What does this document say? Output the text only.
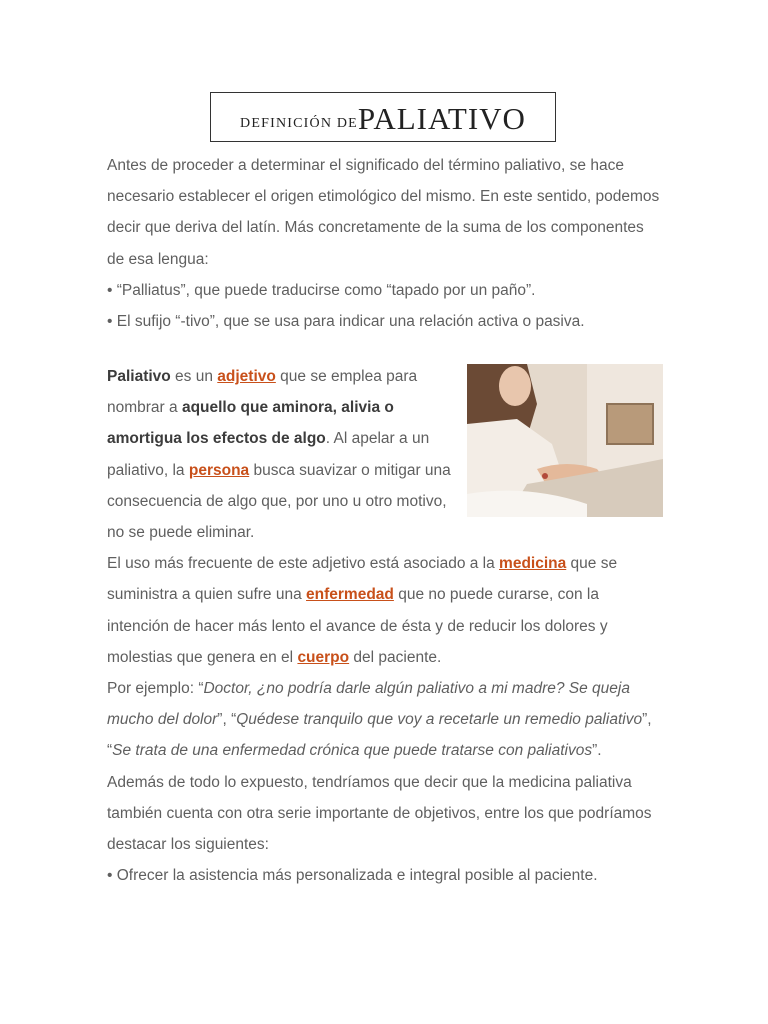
DEFINICIÓN DE PALIATIVO

Antes de proceder a determinar el significado del término paliativo, se hace necesario establecer el origen etimológico del mismo. En este sentido, podemos decir que deriva del latín. Más concretamente de la suma de los componentes de esa lengua:

• “Palliatus”, que puede traducirse como “tapado por un paño”.

• El sufijo “-tivo”, que se usa para indicar una relación activa o pasiva.

Paliativo es un adjetivo que se emplea para nombrar a aquello que aminora, alivia o amortigua los efectos de algo. Al apelar a un paliativo, la persona busca suavizar o mitigar una consecuencia de algo que, por uno u otro motivo, no se puede eliminar.

El uso más frecuente de este adjetivo está asociado a la medicina que se suministra a quien sufre una enfermedad que no puede curarse, con la intención de hacer más lento el avance de ésta y de reducir los dolores y molestias que genera en el cuerpo del paciente.

Por ejemplo: “Doctor, ¿no podría darle algún paliativo a mi madre? Se queja mucho del dolor”, “Quédese tranquilo que voy a recetarle un remedio paliativo”, “Se trata de una enfermedad crónica que puede tratarse con paliativos”.

Además de todo lo expuesto, tendríamos que decir que la medicina paliativa también cuenta con otra serie importante de objetivos, entre los que podríamos destacar los siguientes:

• Ofrecer la asistencia más personalizada e integral posible al paciente.
